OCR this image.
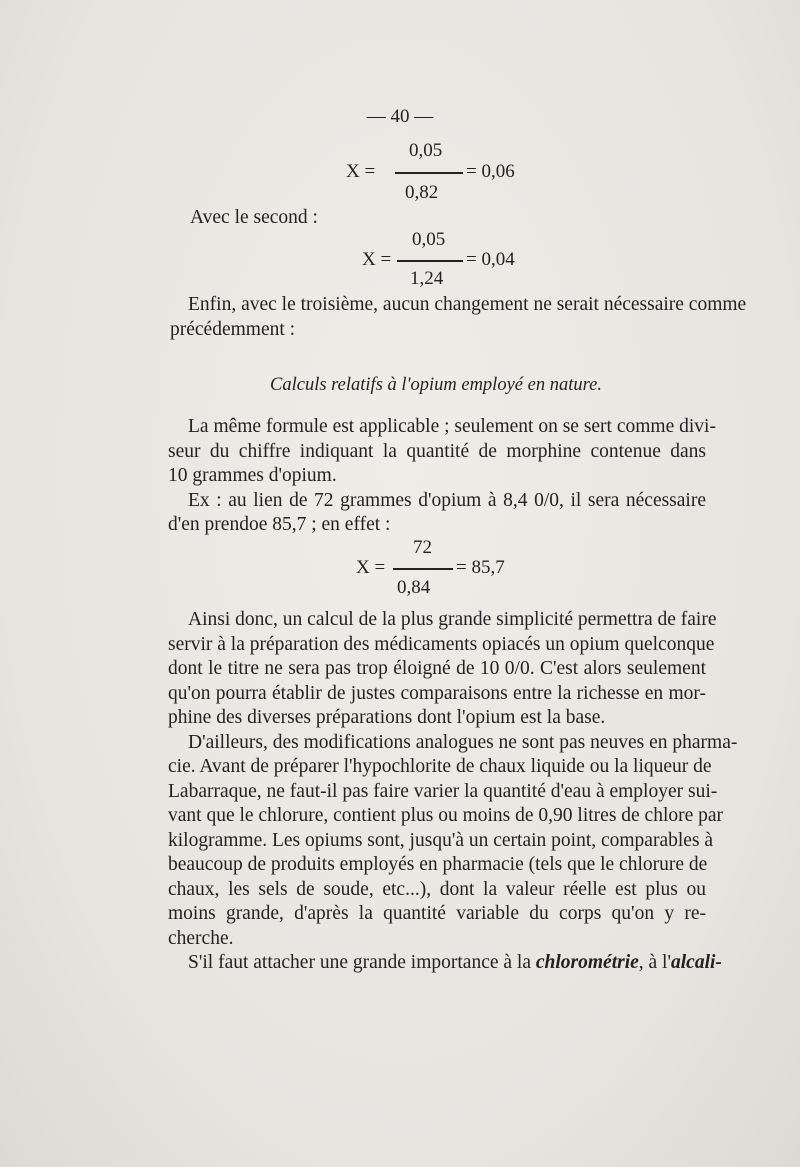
— 40 —
0,05
X =	= 0,06
0,82
Avec le second :
0,05
X =	= 0,04
1,24
Enfin, avec le troisième, aucun changement ne serait nécessaire comme
précédemment :
Calculs relatifs à l'opium employé en nature.
La même formule est applicable ; seulement on se sert comme divi-
seur du chiffre indiquant la quantité de morphine contenue dans
10 grammes d'opium.
Ex : au lien de 72 grammes d'opium à 8,4 0/0, il sera nécessaire
d'en prendoe 85,7 ; en effet :
72
X =	= 85,7
0,84
Ainsi donc, un calcul de la plus grande simplicité permettra de faire
servir à la préparation des médicaments opiacés un opium quelconque
dont le titre ne sera pas trop éloigné de 10 0/0. C'est alors seulement
qu'on pourra établir de justes comparaisons entre la richesse en mor-
phine des diverses préparations dont l'opium est la base.
D'ailleurs, des modifications analogues ne sont pas neuves en pharma-
cie. Avant de préparer l'hypochlorite de chaux liquide ou la liqueur de
Labarraque, ne faut-il pas faire varier la quantité d'eau à employer sui-
vant que le chlorure, contient plus ou moins de 0,90 litres de chlore par
kilogramme. Les opiums sont, jusqu'à un certain point, comparables à
beaucoup de produits employés en pharmacie (tels que le chlorure de
chaux, les sels de soude, etc...), dont la valeur réelle est plus ou
moins grande, d'après la quantité variable du corps qu'on y re-
cherche.
S'il faut attacher une grande importance à la chlorométrie, à l'alcali-
